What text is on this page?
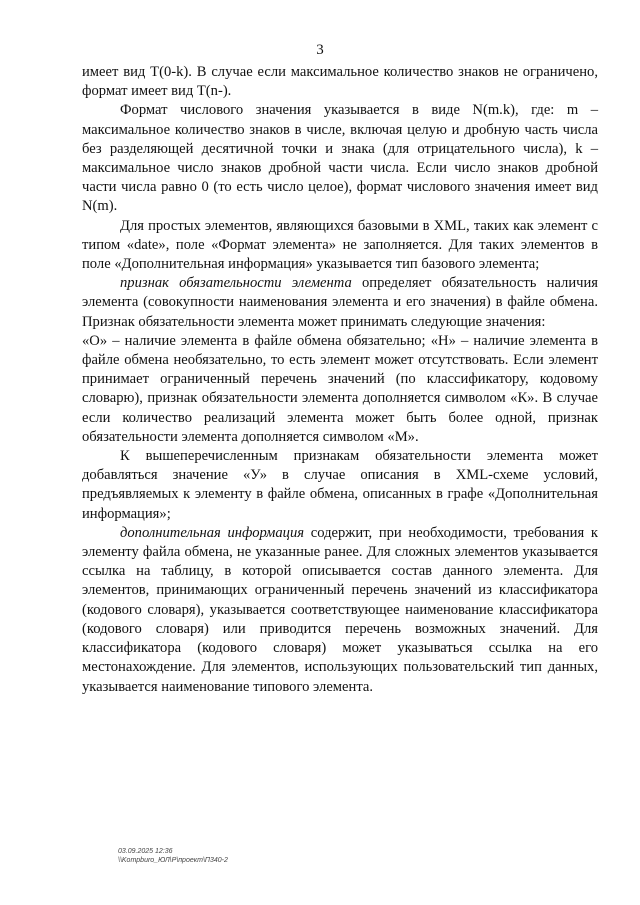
3

имеет вид T(0-k). В случае если максимальное количество знаков не ограничено, формат имеет вид T(n-).

Формат числового значения указывается в виде N(m.k), где: m – максимальное количество знаков в числе, включая целую и дробную часть числа без разделяющей десятичной точки и знака (для отрицательного числа), k – максимальное число знаков дробной части числа. Если число знаков дробной части числа равно 0 (то есть число целое), формат числового значения имеет вид N(m).

Для простых элементов, являющихся базовыми в XML, таких как элемент с типом «date», поле «Формат элемента» не заполняется. Для таких элементов в поле «Дополнительная информация» указывается тип базового элемента;

признак обязательности элемента определяет обязательность наличия элемента (совокупности наименования элемента и его значения) в файле обмена. Признак обязательности элемента может принимать следующие значения:

«О» – наличие элемента в файле обмена обязательно; «Н» – наличие элемента в файле обмена необязательно, то есть элемент может отсутствовать. Если элемент принимает ограниченный перечень значений (по классификатору, кодовому словарю), признак обязательности элемента дополняется символом «К». В случае если количество реализаций элемента может быть более одной, признак обязательности элемента дополняется символом «М».

К вышеперечисленным признакам обязательности элемента может добавляться значение «У» в случае описания в XML-схеме условий, предъявляемых к элементу в файле обмена, описанных в графе «Дополнительная информация»;

дополнительная информация содержит, при необходимости, требования к элементу файла обмена, не указанные ранее. Для сложных элементов указывается ссылка на таблицу, в которой описывается состав данного элемента. Для элементов, принимающих ограниченный перечень значений из классификатора (кодового словаря), указывается соответствующее наименование классификатора (кодового словаря) или приводится перечень возможных значений. Для классификатора (кодового словаря) может указываться ссылка на его местонахождение. Для элементов, использующих пользовательский тип данных, указывается наименование типового элемента.

03.09.2025 12:36
\\Kompburo_ЮЛ\Р\проект\П340-2
